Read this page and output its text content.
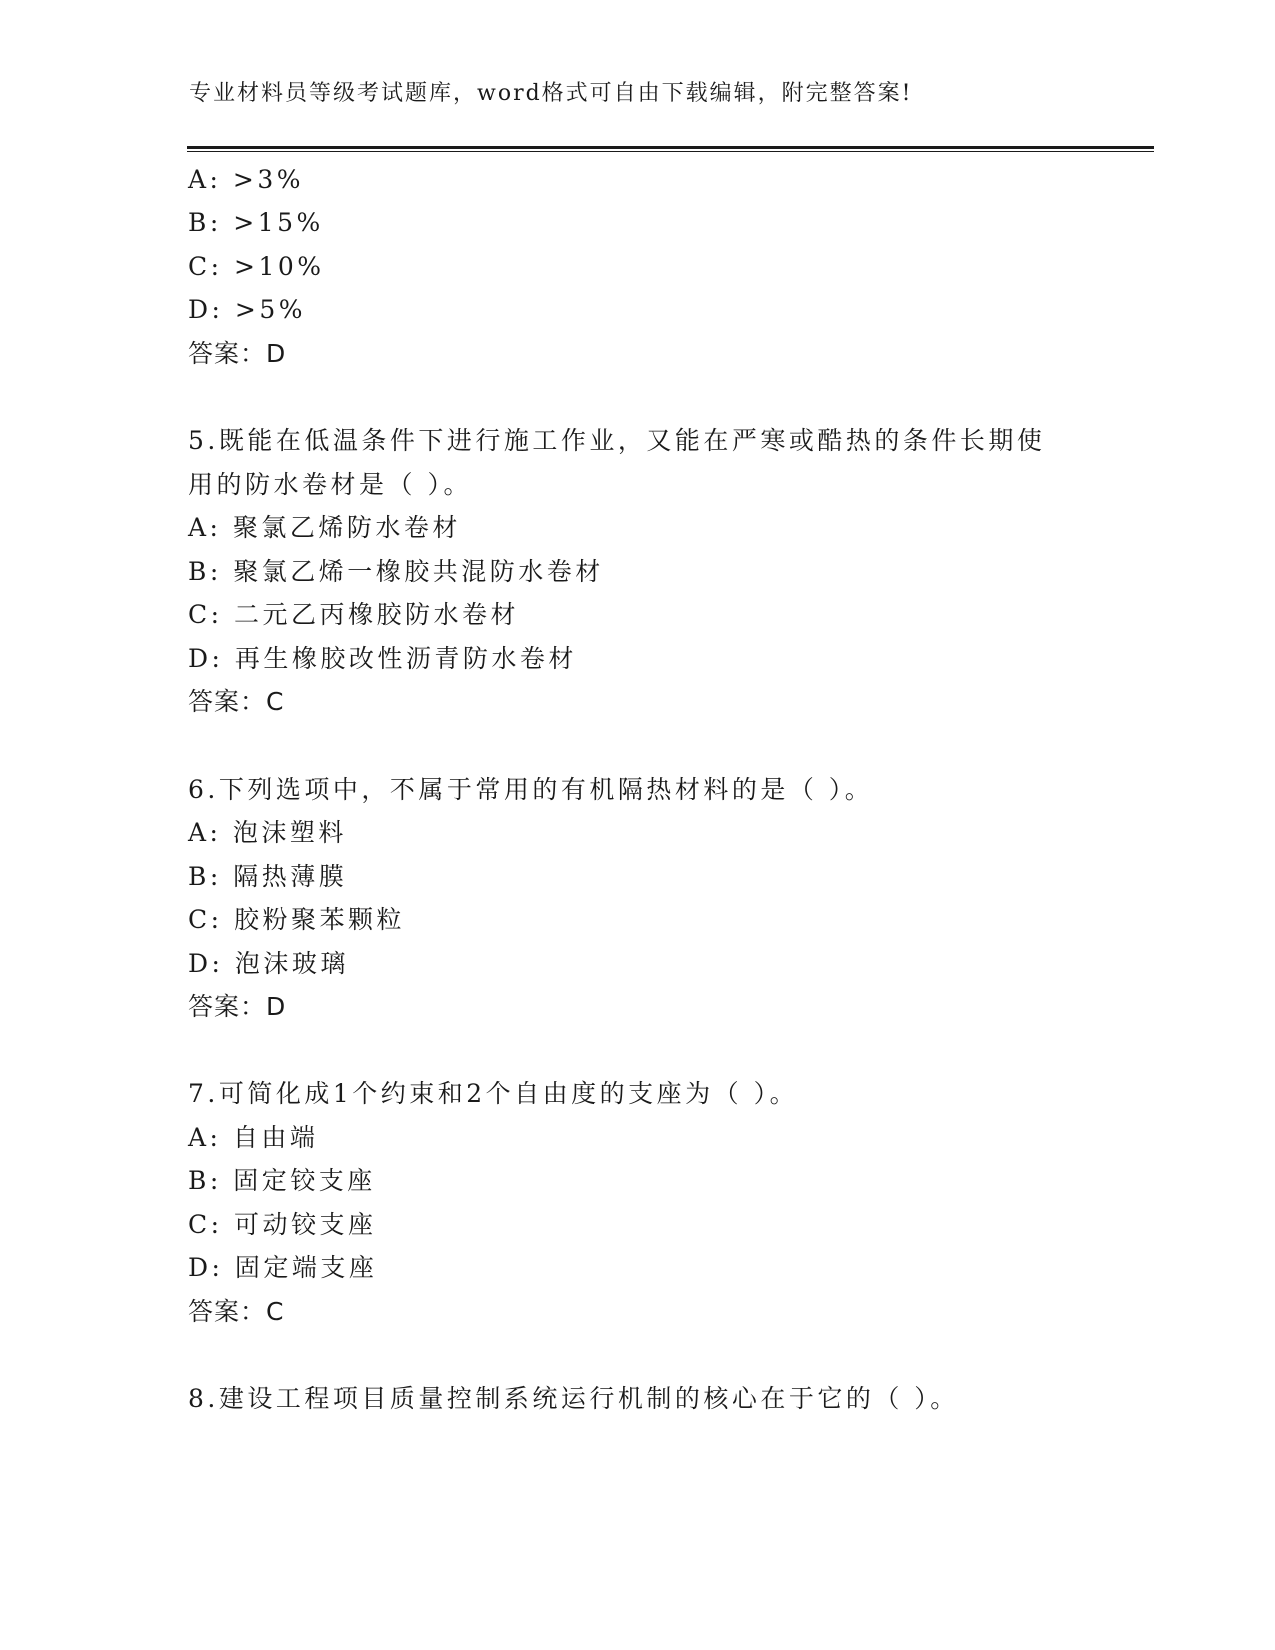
专业材料员等级考试题库，word格式可自由下载编辑，附完整答案!
A: >3%
B: >15%
C: >10%
D: >5%
答案：D
5.既能在低温条件下进行施工作业，又能在严寒或酷热的条件长期使
用的防水卷材是（ ）。
A: 聚氯乙烯防水卷材
B: 聚氯乙烯一橡胶共混防水卷材
C: 二元乙丙橡胶防水卷材
D: 再生橡胶改性沥青防水卷材
答案：C
6.下列选项中，不属于常用的有机隔热材料的是（ ）。
A: 泡沫塑料
B: 隔热薄膜
C: 胶粉聚苯颗粒
D: 泡沫玻璃
答案：D
7.可简化成1个约束和2个自由度的支座为（ ）。
A: 自由端
B: 固定铰支座
C: 可动铰支座
D: 固定端支座
答案：C
8.建设工程项目质量控制系统运行机制的核心在于它的（ ）。
